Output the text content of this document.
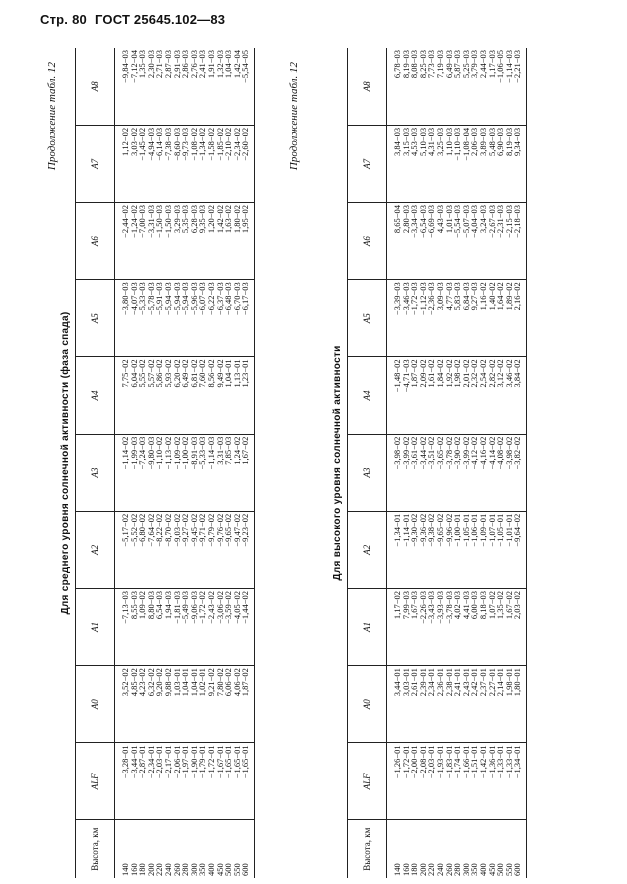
Стр. 80 ГОСТ 25645.102—83
Продолжение табл. 12
Для среднего уровня солнечной активности (фаза спада)
Высота, км	ALF	A0	A1	A2	A3	A4	A5	A6	A7	A8
140	−3,28−01	3,52−02	−7,13−03	−5,17−02	−1,14−02	7,75−02	−3,80−03	−2,44−02	1,12−02	−9,84−03
160	−3,44−01	4,85−02	8,55−03	−5,52−02	−1,99−03	6,04−02	−4,07−03	−1,24−02	3,03−02	−7,12−04
180	−2,87−01	4,23−02	1,09−02	−6,80−02	−7,24−03	5,55−02	−5,33−03	−7,00−03	−1,45−02	1,35−03
200	−2,34−01	6,32−02	8,80−03	−7,64−02	−9,80−03	5,57−02	−5,78−03	−3,31−03	−4,94−03	2,30−03
220	−2,03−01	9,20−02	6,54−03	−8,22−02	−1,10−02	5,86−02	−5,91−03	−1,50−03	−6,14−03	2,71−03
240	−2,17−01	9,88−02	1,94−03	−8,70−02	−1,13−02	5,93−02	−5,94−03	−1,50−03	−7,38−03	2,87−03
260	−2,06−01	1,03−01	−1,81−03	−9,03−02	−1,09−02	6,20−02	−5,94−03	3,29−03	−8,60−03	2,91−03
280	−1,97−01	1,04−01	−5,49−03	−9,27−02	−1,00−02	6,49−02	−5,94−03	5,35−03	−9,73−03	2,86−03
300	−1,90−01	1,04−01	−9,06−03	−9,45−02	−8,91−03	6,81−02	−5,96−03	6,28−03	−1,08−02	2,76−03
350	−1,79−01	1,02−01	−1,72−02	−9,71−02	−5,33−03	7,60−02	−6,07−03	9,35−03	−1,34−02	2,41−03
400	−1,72−01	9,21−02	−2,43−02	−9,79−02	−1,14−03	8,56−02	−6,22−03	1,20−02	−1,58−02	1,91−03
450	−1,67−01	7,80−02	−3,06−02	−9,76−02	3,31−03	9,49−02	−6,37−03	1,42−02	−1,85−02	1,32−03
500	−1,65−01	6,06−02	−3,59−02	−9,65−02	7,85−03	1,04−01	−6,48−03	1,63−02	−2,10−02	1,04−03
550	−1,65−01	4,06−02	−4,05−02	−9,47−02	1,24−02	1,13−01	−6,70−03	1,80−02	−2,34−02	1,42−04
600	−1,65−01	1,87−02	−1,44−02	−9,23−02	1,67−02	1,23−01	−6,17−03	1,95−02	−2,60−02	−5,54−05	Продолжение табл. 12
Для высокого уровня солнечной активности
Высота, км	ALF	A0	A1	A2	A3	A4	A5	A6	A7	A8
140	−1,26−01	3,44−01	1,17−02	−1,34−01	−3,98−02	−1,48−02	−3,39−03	8,65−04	3,84−03	6,78−03
160	−1,72−01	3,03−01	7,99−03	−1,14−01	−3,99−02	−4,71−03	−3,46−03	2,80−03	3,15−03	8,19−03
180	−2,00−01	2,61−01	1,67−03	−9,30−02	−3,61−02	1,87−02	−1,72−03	−3,34−03	4,53−03	8,08−03
200	−2,08−01	2,39−01	−2,26−03	−9,36−02	−3,44−02	2,09−02	−1,12−03	−6,54−03	5,10−03	8,25−03
220	−2,03−01	2,34−01	−3,43−03	−9,38−02	−3,51−02	1,61−02	−2,36−03	−6,69−03	4,31−03	7,73−03
240	−1,93−01	2,36−01	−3,93−03	−9,65−02	−3,65−02	1,84−02	3,09−03	4,43−03	3,25−03	7,19−03
260	−1,83−01	2,38−01	−3,78−03	−9,96−02	−3,78−02	1,92−02	4,77−03	1,01−03	1,10−03	6,49−03
280	−1,74−01	2,41−01	4,02−03	−1,00−01	−3,90−02	1,98−02	5,83−03	−5,54−03	−1,10−03	5,87−03
300	−1,66−01	2,43−01	4,41−03	−1,05−01	−3,99−02	2,01−02	6,84−03	−5,07−03	−1,08−04	5,25−03
350	−1,51−01	2,42−01	6,00−03	−1,06−01	−4,12−02	2,32−02	9,27−03	−4,04−03	2,06−03	3,79−03
400	−1,42−01	2,37−01	8,18−03	−1,09−01	−4,16−02	2,54−02	1,16−02	3,24−03	3,89−03	2,44−03
450	−1,36−01	2,27−01	1,07−02	−1,07−01	−4,14−02	2,82−02	1,40−02	−2,67−03	5,48−03	1,17−03
500	−1,33−01	2,14−01	1,35−02	−1,05−01	−4,08−02	3,12−02	1,64−02	−2,31−03	6,90−03	−1,06−05
550	−1,33−01	1,98−01	1,67−02	−1,01−01	−3,98−02	3,46−02	1,89−02	−2,15−03	8,19−03	−1,14−03
600	−1,34−01	1,80−01	2,03−02	−9,64−02	−3,82−02	3,84−02	2,16−02	−2,18−03	9,34−03	−2,21−03
